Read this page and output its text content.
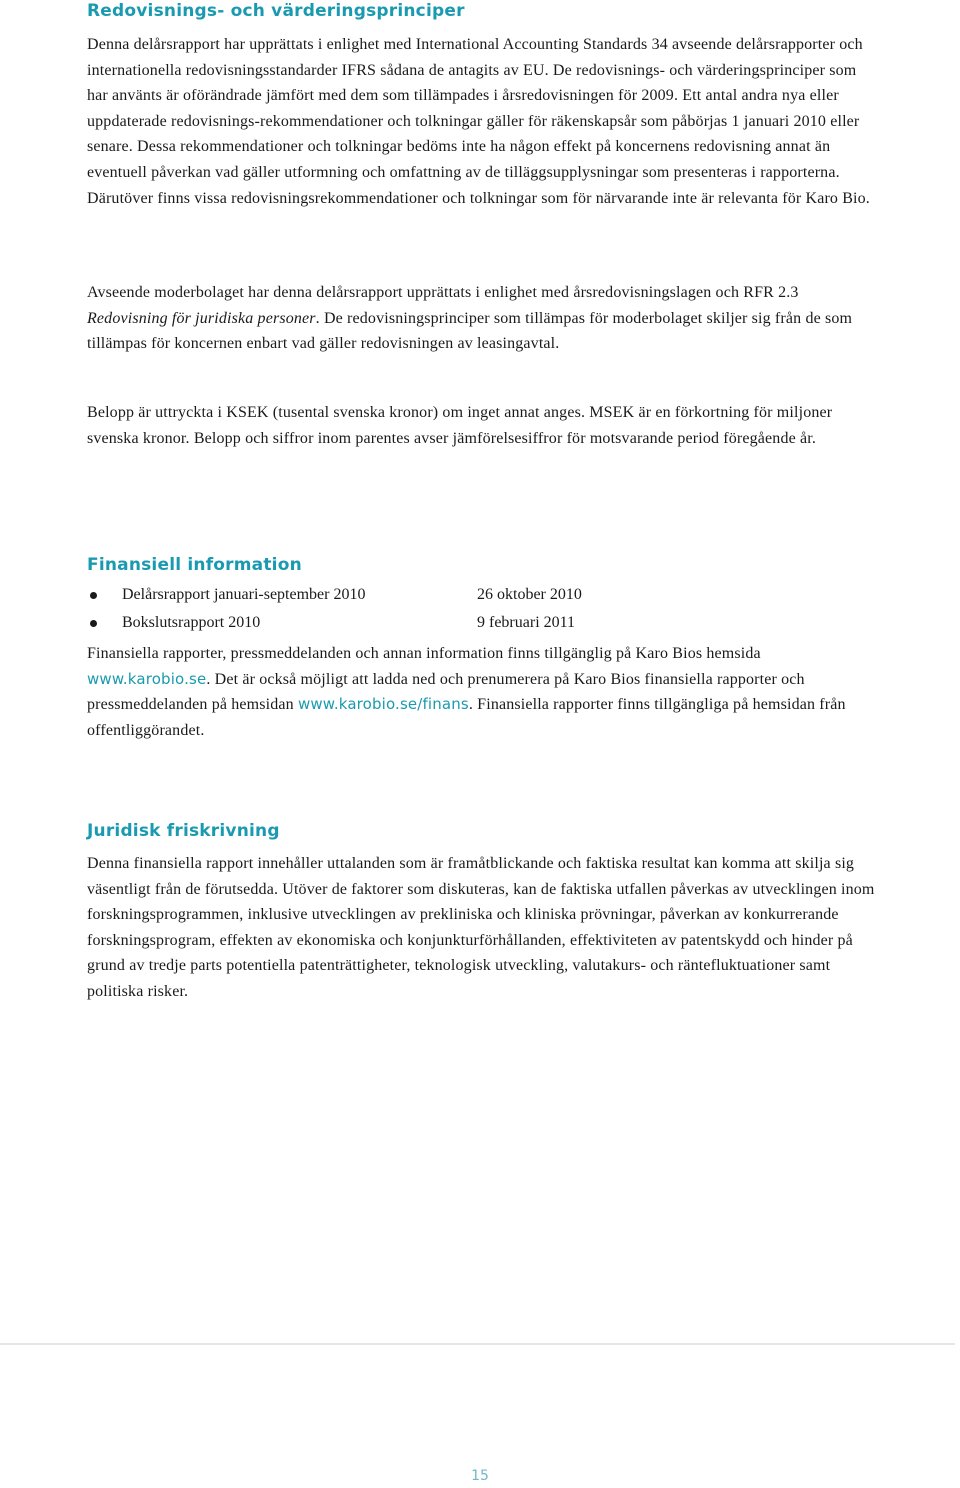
Redovisnings- och värderingsprinciper

Denna delårsrapport har upprättats i enlighet med International Accounting Standards 34 avseende delårsrapporter och internationella redovisningsstandarder IFRS sådana de antagits av EU. De redovisnings- och värderingsprinciper som har använts är oförändrade jämfört med dem som tillämpades i årsredovisningen för 2009. Ett antal andra nya eller uppdaterade redovisnings-rekommendationer och tolkningar gäller för räkenskapsår som påbörjas 1 januari 2010 eller senare. Dessa rekommendationer och tolkningar bedöms inte ha någon effekt på koncernens redovisning annat än eventuell påverkan vad gäller utformning och omfattning av de tilläggsupplysningar som presenteras i rapporterna. Därutöver finns vissa redovisningsrekommendationer och tolkningar som för närvarande inte är relevanta för Karo Bio.

Avseende moderbolaget har denna delårsrapport upprättats i enlighet med årsredovisningslagen och RFR 2.3 Redovisning för juridiska personer. De redovisningsprinciper som tillämpas för moderbolaget skiljer sig från de som tillämpas för koncernen enbart vad gäller redovisningen av leasingavtal.

Belopp är uttryckta i KSEK (tusental svenska kronor) om inget annat anges. MSEK är en förkortning för miljoner svenska kronor. Belopp och siffror inom parentes avser jämförelsesiffror för motsvarande period föregående år.

Finansiell information
Delårsrapport januari-september 2010	26 oktober 2010
Bokslutsrapport 2010	9 februari 2011

Finansiella rapporter, pressmeddelanden och annan information finns tillgänglig på Karo Bios hemsida www.karobio.se. Det är också möjligt att ladda ned och prenumerera på Karo Bios finansiella rapporter och pressmeddelanden på hemsidan www.karobio.se/finans. Finansiella rapporter finns tillgängliga på hemsidan från offentliggörandet.

Juridisk friskrivning

Denna finansiella rapport innehåller uttalanden som är framåtblickande och faktiska resultat kan komma att skilja sig väsentligt från de förutsedda. Utöver de faktorer som diskuteras, kan de faktiska utfallen påverkas av utvecklingen inom forskningsprogrammen, inklusive utvecklingen av prekliniska och kliniska prövningar, påverkan av konkurrerande forskningsprogram, effekten av ekonomiska och konjunkturförhållanden, effektiviteten av patentskydd och hinder på grund av tredje parts potentiella patenträttigheter, teknologisk utveckling, valutakurs- och räntefluktuationer samt politiska risker.

Karo Bio AB
Novum, 141 57 Huddinge
Telefon 08 608 60 00 Fax: 08 774 82 61
www.karobio.se
15
